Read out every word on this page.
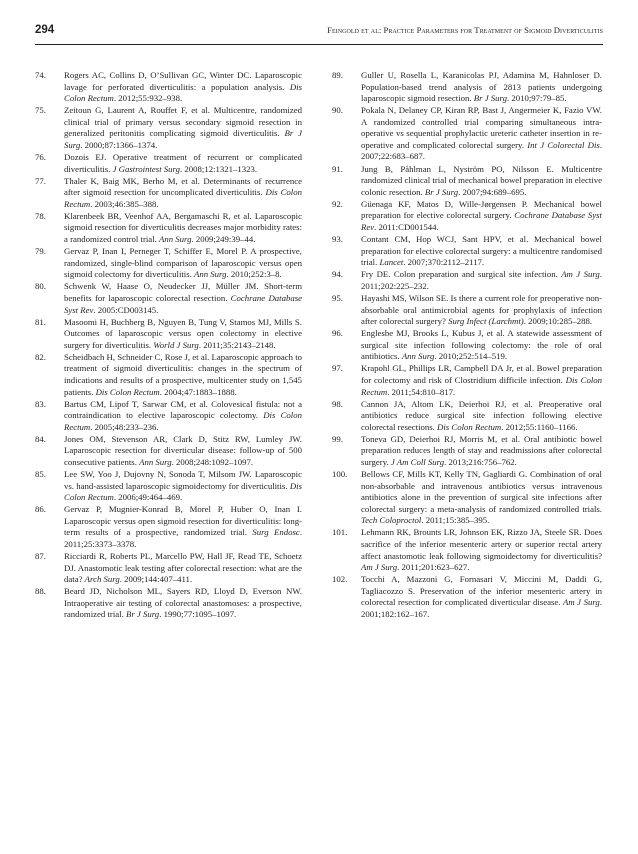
294	Feingold et al: Practice Parameters for Treatment of Sigmoid Diverticulitis
74.	Rogers AC, Collins D, O’Sullivan GC, Winter DC. Laparoscopic lavage for perforated diverticulitis: a population analysis. Dis Colon Rectum. 2012;55:932–938.
75.	Zeitoun G, Laurent A, Rouffet F, et al. Multicentre, randomized clinical trial of primary versus secondary sigmoid resection in generalized peritonitis complicating sigmoid diverticulitis. Br J Surg. 2000;87:1366–1374.
76.	Dozois EJ. Operative treatment of recurrent or complicated diverticulitis. J Gastrointest Surg. 2008;12:1321–1323.
77.	Thaler K, Baig MK, Berho M, et al. Determinants of recurrence after sigmoid resection for uncomplicated diverticulitis. Dis Colon Rectum. 2003;46:385–388.
78.	Klarenbeek BR, Veenhof AA, Bergamaschi R, et al. Laparoscopic sigmoid resection for diverticulitis decreases major morbidity rates: a randomized control trial. Ann Surg. 2009;249:39–44.
79.	Gervaz P, Inan I, Perneger T, Schiffer E, Morel P. A prospective, randomized, single-blind comparison of laparoscopic versus open sigmoid colectomy for diverticulitis. Ann Surg. 2010;252:3–8.
80.	Schwenk W, Haase O, Neudecker JJ, Müller JM. Short-term benefits for laparoscopic colorectal resection. Cochrane Database Syst Rev. 2005:CD003145.
81.	Masoomi H, Buchberg B, Nguyen B, Tung V, Stamos MJ, Mills S. Outcomes of laparoscopic versus open colectomy in elective surgery for diverticulitis. World J Surg. 2011;35:2143–2148.
82.	Scheidbach H, Schneider C, Rose J, et al. Laparoscopic approach to treatment of sigmoid diverticulitis: changes in the spectrum of indications and results of a prospective, multicenter study on 1,545 patients. Dis Colon Rectum. 2004;47:1883–1888.
83.	Bartus CM, Lipof T, Sarwar CM, et al. Colovesical fistula: not a contraindication to elective laparoscopic colectomy. Dis Colon Rectum. 2005;48:233–236.
84.	Jones OM, Stevenson AR, Clark D, Stitz RW, Lumley JW. Laparoscopic resection for diverticular disease: follow-up of 500 consecutive patients. Ann Surg. 2008;248:1092–1097.
85.	Lee SW, Yoo J, Dujovny N, Sonoda T, Milsom JW. Laparoscopic vs. hand-assisted laparoscopic sigmoidectomy for diverticulitis. Dis Colon Rectum. 2006;49:464–469.
86.	Gervaz P, Mugnier-Konrad B, Morel P, Huber O, Inan I. Laparoscopic versus open sigmoid resection for diverticulitis: long-term results of a prospective, randomized trial. Surg Endosc. 2011;25:3373–3378.
87.	Ricciardi R, Roberts PL, Marcello PW, Hall JF, Read TE, Schoetz DJ. Anastomotic leak testing after colorectal resection: what are the data? Arch Surg. 2009;144:407–411.
88.	Beard JD, Nicholson ML, Sayers RD, Lloyd D, Everson NW. Intraoperative air testing of colorectal anastomoses: a prospective, randomized trial. Br J Surg. 1990;77:1095–1097.
89.	Guller U, Rosella L, Karanicolas PJ, Adamina M, Hahnloser D. Population-based trend analysis of 2813 patients undergoing laparoscopic sigmoid resection. Br J Surg. 2010;97:79–85.
90.	Pokala N, Delaney CP, Kiran RP, Bast J, Angermeier K, Fazio VW. A randomized controlled trial comparing simultaneous intra-operative vs sequential prophylactic ureteric catheter insertion in re-operative and complicated colorectal surgery. Int J Colorectal Dis. 2007;22:683–687.
91.	Jung B, Påhlman L, Nyström PO, Nilsson E. Multicentre randomized clinical trial of mechanical bowel preparation in elective colonic resection. Br J Surg. 2007;94:689–695.
92.	Güenaga KF, Matos D, Wille-Jørgensen P. Mechanical bowel preparation for elective colorectal surgery. Cochrane Database Syst Rev. 2011:CD001544.
93.	Contant CM, Hop WCJ, Sant HPV, et al. Mechanical bowel preparation for elective colorectal surgery: a multicentre randomised trial. Lancet. 2007;370:2112–2117.
94.	Fry DE. Colon preparation and surgical site infection. Am J Surg. 2011;202:225–232.
95.	Hayashi MS, Wilson SE. Is there a current role for preoperative non-absorbable oral antimicrobial agents for prophylaxis of infection after colorectal surgery? Surg Infect (Larchmt). 2009;10:285–288.
96.	Englesbe MJ, Brooks L, Kubus J, et al. A statewide assessment of surgical site infection following colectomy: the role of oral antibiotics. Ann Surg. 2010;252:514–519.
97.	Krapohl GL, Phillips LR, Campbell DA Jr, et al. Bowel preparation for colectomy and risk of Clostridium difficile infection. Dis Colon Rectum. 2011;54:810–817.
98.	Cannon JA, Altom LK, Deierhoi RJ, et al. Preoperative oral antibiotics reduce surgical site infection following elective colorectal resections. Dis Colon Rectum. 2012;55:1160–1166.
99.	Toneva GD, Deierhoi RJ, Morris M, et al. Oral antibiotic bowel preparation reduces length of stay and readmissions after colorectal surgery. J Am Coll Surg. 2013;216:756–762.
100.	Bellows CF, Mills KT, Kelly TN, Gagliardi G. Combination of oral non-absorbable and intravenous antibiotics versus intravenous antibiotics alone in the prevention of surgical site infections after colorectal surgery: a meta-analysis of randomized controlled trials. Tech Coloproctol. 2011;15:385–395.
101.	Lehmann RK, Brounts LR, Johnson EK, Rizzo JA, Steele SR. Does sacrifice of the inferior mesenteric artery or superior rectal artery affect anastomotic leak following sigmoidectomy for diverticulitis? Am J Surg. 2011;201:623–627.
102.	Tocchi A, Mazzoni G, Fornasari V, Miccini M, Daddi G, Tagliacozzo S. Preservation of the inferior mesenteric artery in colorectal resection for complicated diverticular disease. Am J Surg. 2001;182:162–167.
